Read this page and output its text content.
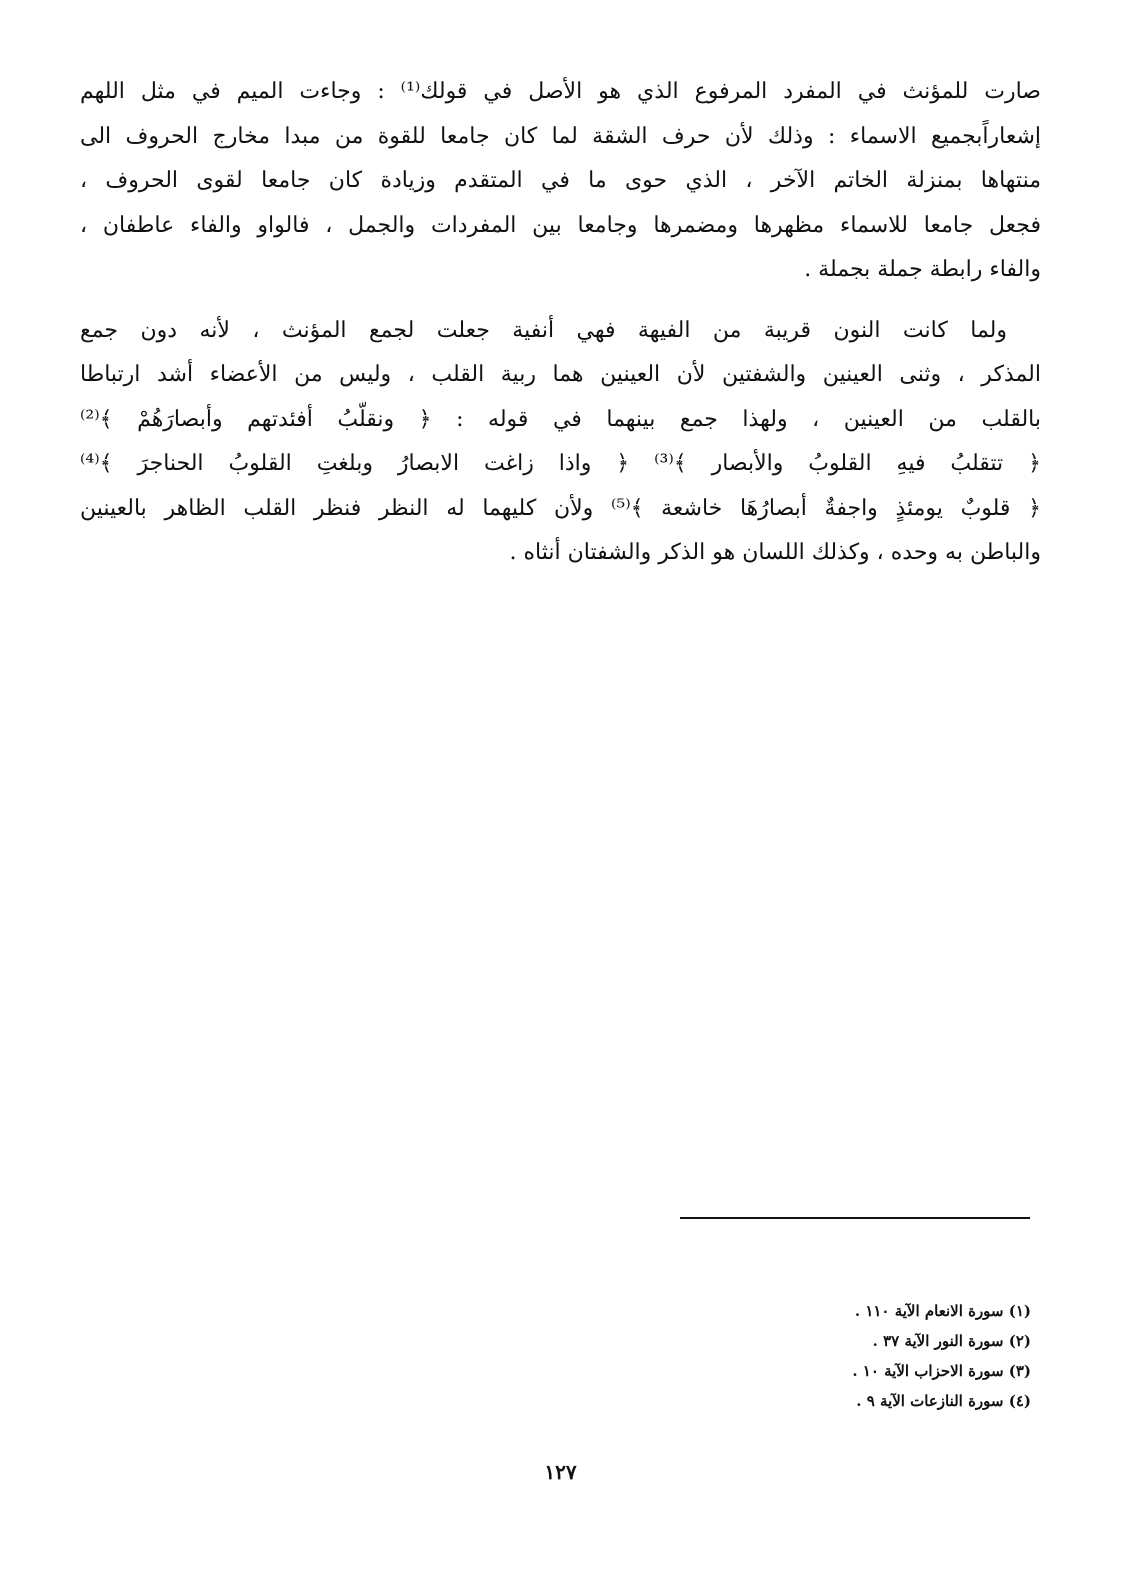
صارت للمؤنث في المفرد المرفوع الذي هو الأصل في قولك⁽¹⁾ : وجاءت الميم في مثل اللهم
إشعاراًبجميع الاسماء : وذلك لأن حرف الشقة لما كان جامعا للقوة من مبدا مخارج الحروف الى
منتهاها بمنزلة الخاتم الآخر ، الذي حوى ما في المتقدم وزيادة كان جامعا لقوى الحروف ،
فجعل جامعا للاسماء مظهرها ومضمرها وجامعا بين المفردات والجمل ، فالواو والفاء عاطفان ،
والفاء رابطة جملة بجملة .

ولما كانت النون قريبة من الفيهة فهي أنفية جعلت لجمع المؤنث ، لأنه دون جمع
المذكر ، وثنى العينين والشفتين لأن العينين هما ربية القلب ، وليس من الأعضاء أشد ارتباطا
بالقلب من العينين ، ولهذا جمع بينهما في قوله : ﴿ ونقلّبُ أفئدتهم وأبصارَهُمْ ﴾⁽²⁾
﴿ تتقلبُ فيهِ القلوبُ والأبصار ﴾⁽³⁾ ﴿ واذا زاغت الابصارُ وبلغتِ القلوبُ الحناجرَ ﴾⁽⁴⁾
﴿ قلوبٌ يومئذٍ واجفةٌ أبصارُهَا خاشعة ﴾⁽⁵⁾ ولأن كليهما له النظر فنظر القلب الظاهر بالعينين
والباطن به وحده ، وكذلك اللسان هو الذكر والشفتان أنثاه .

(١) سورة الانعام الآية ١١٠ .
(٢) سورة النور الآية ٣٧ .
(٣) سورة الاحزاب الآية ١٠ .
(٤) سورة النازعات الآية ٩ .
١٢٧
